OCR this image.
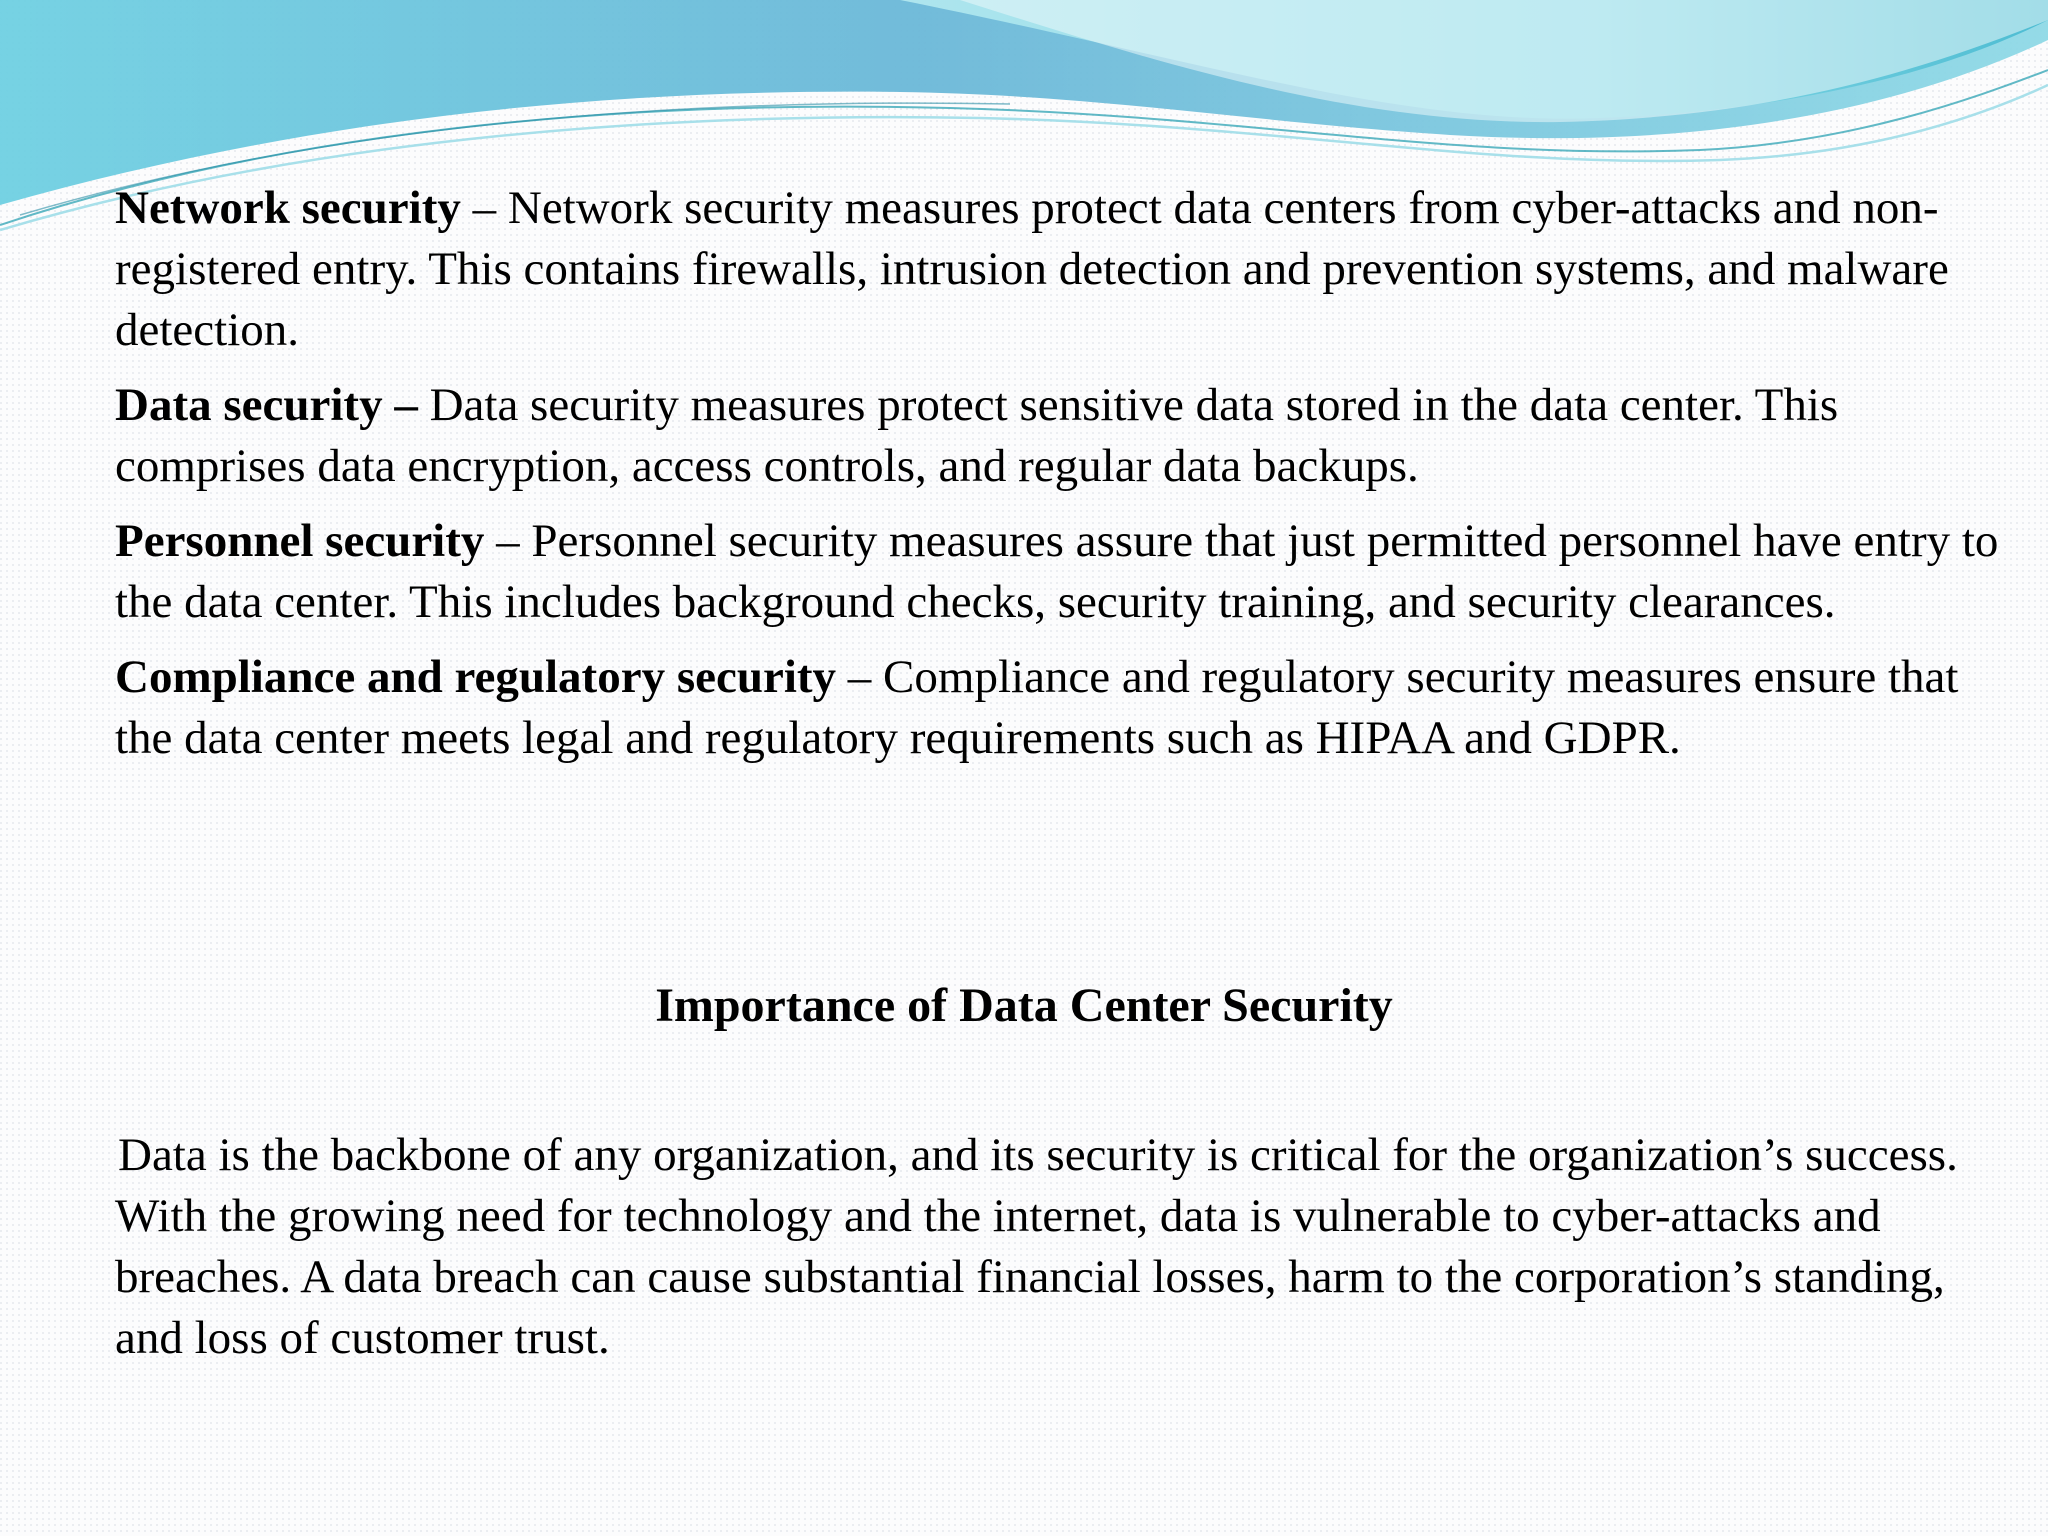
Network security – Network security measures protect data centers from cyber-attacks and non-registered entry. This contains firewalls, intrusion detection and prevention systems, and malware detection.

Data security – Data security measures protect sensitive data stored in the data center. This comprises data encryption, access controls, and regular data backups.

Personnel security – Personnel security measures assure that just permitted personnel have entry to the data center. This includes background checks, security training, and security clearances.

Compliance and regulatory security – Compliance and regulatory security measures ensure that the data center meets legal and regulatory requirements such as HIPAA and GDPR.

Importance of Data Center Security
Data is the backbone of any organization, and its security is critical for the organization’s success. With the growing need for technology and the internet, data is vulnerable to cyber-attacks and breaches. A data breach can cause substantial financial losses, harm to the corporation’s standing, and loss of customer trust.
